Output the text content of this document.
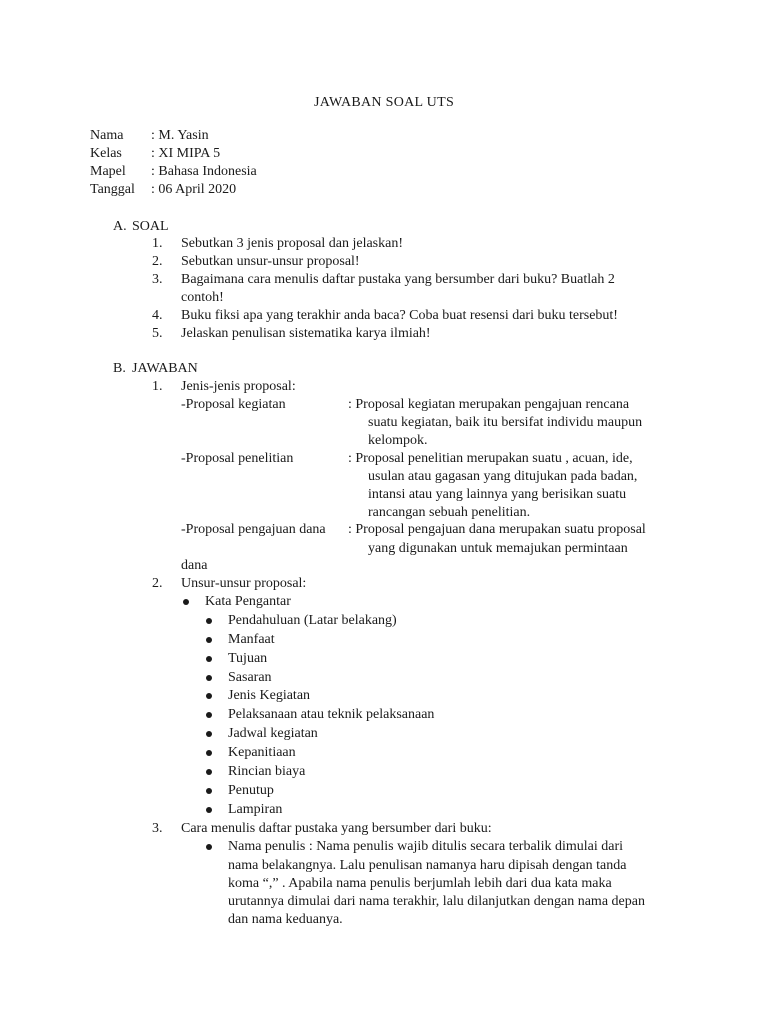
JAWABAN SOAL UTS
Nama : M. Yasin
Kelas : XI MIPA 5
Mapel : Bahasa Indonesia
Tanggal : 06 April 2020
A. SOAL
1. Sebutkan 3 jenis proposal dan jelaskan!
2. Sebutkan unsur-unsur proposal!
3. Bagaimana cara menulis daftar pustaka yang bersumber dari buku? Buatlah 2
contoh!
4. Buku fiksi apa yang terakhir anda baca? Coba buat resensi dari buku tersebut!
5. Jelaskan penulisan sistematika karya ilmiah!
B. JAWABAN
1. Jenis-jenis proposal:
-Proposal kegiatan	: Proposal kegiatan merupakan pengajuan rencana
suatu kegiatan, baik itu bersifat individu maupun
kelompok.
-Proposal penelitian	: Proposal penelitian merupakan suatu , acuan, ide,
usulan atau gagasan yang ditujukan pada badan,
intansi atau yang lainnya yang berisikan suatu
rancangan sebuah penelitian.
-Proposal pengajuan dana : Proposal pengajuan dana merupakan suatu proposal
yang digunakan untuk memajukan permintaan
dana
2. Unsur-unsur proposal:
Kata Pengantar
Pendahuluan (Latar belakang)
Manfaat
Tujuan
Sasaran
Jenis Kegiatan
Pelaksanaan atau teknik pelaksanaan
Jadwal kegiatan
Kepanitiaan
Rincian biaya
Penutup
Lampiran
3. Cara menulis daftar pustaka yang bersumber dari buku:
Nama penulis : Nama penulis wajib ditulis secara terbalik dimulai dari
nama belakangnya. Lalu penulisan namanya haru dipisah dengan tanda
koma “,” . Apabila nama penulis berjumlah lebih dari dua kata maka
urutannya dimulai dari nama terakhir, lalu dilanjutkan dengan nama depan
dan nama keduanya.
